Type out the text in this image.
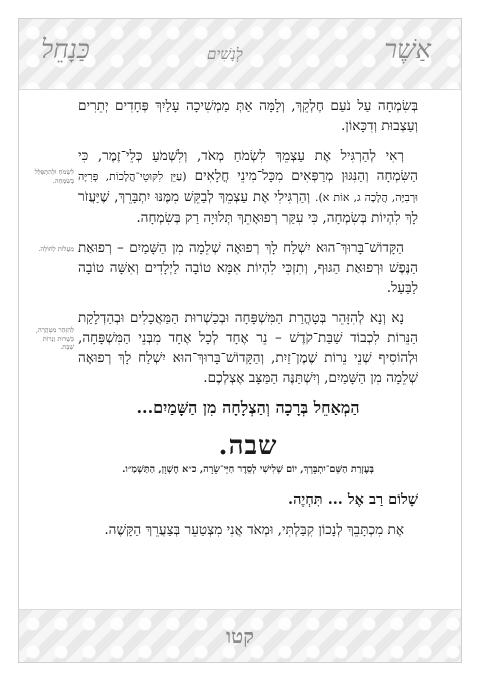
אַשֶׁר
לְנָשִׁים
כַּנָחֵל
קטו
לִשְׂמֹחַ וּלְהִתְפַּלֵּל בְּשִׂמְחָה.
מַעֲלוֹת לְחוֹלָה.
לְהִזָּהֵר מִטָּהֳרָה, כַּשְׁרוּת וְנֵרוֹת שַׁבָּת.

בְּשִׂמְחָה עַל נֹעַם חֶלְקֵךְ, וְלָמָּה אַתְּ מַמְשִׁיכָה עָלַיִךְ פְּחָדִים יְתֵרִים וְעַצְבוּת וְדִכָּאוֹן.

רְאִי לְהַרְגִּיל אֶת עַצְמֵךְ לִשְׂמֹחַ מְאֹד, וְלִשְׁמֹעַ כְּלֵי־זֶמֶר, כִּי הַשִּׂמְחָה וְהַנִּגּוּן מְרַפְּאִים מִכָּל־מִינֵי חֳלָאִים (עַיֵּן לִקּוּטֵי־הֲלָכוֹת, פְּרִיָּה וּרְבִיָּה, הֲלָכָה ג, אוֹת א). וְהַרְגִּילִי אֶת עַצְמֵךְ לְבַקֵּשׁ מִמֶּנּוּ יִתְבָּרֵךְ, שֶׁיַּעֲזֹר לָךְ לִהְיוֹת בְּשִׂמְחָה, כִּי עִקַּר רְפוּאָתֵךְ תְּלוּיָה רַק בְּשִׂמְחָה.

הַקָּדוֹשׁ־בָּרוּךְ־הוּא יִשְׁלַח לָךְ רְפוּאָה שְׁלֵמָה מִן הַשָּׁמַיִם – רְפוּאַת הַנֶּפֶשׁ וּרְפוּאַת הַגּוּף, וְתִזְכִּי לִהְיוֹת אִמָּא טוֹבָה לַיְלָדִים וְאִשָּׁה טוֹבָה לַבַּעַל.

נָא וְנָא לְהִזָּהֵר בְּטָהֳרַת הַמִּשְׁפָּחָה וּבְכַשְׁרוּת הַמַּאֲכָלִים וּבְהַדְלָקַת הַנֵּרוֹת לִכְבוֹד שַׁבַּת־קֹדֶשׁ – נֵר אֶחָד לְכָל אֶחָד מִבְּנֵי הַמִּשְׁפָּחָה, וּלְהוֹסִיף שְׁנֵי נֵרוֹת שֶׁמֶן־זַיִת, וְהַקָּדוֹשׁ־בָּרוּךְ־הוּא יִשְׁלַח לָךְ רְפוּאָה שְׁלֵמָה מִן הַשָּׁמַיִם, וְיִשְׁתַּנֶּה הַמַּצָּב אֶצְלְכֶם.

הַמְאַחֵל בְּרָכָה וְהַצְלָחָה מִן הַשָּׁמַיִם...

שבה.
בְּעֶזְרַת הַשֵּׁם־יִתְבָּרֵךְ, יוֹם שְׁלִישִׁי לְסֵדֶר חַיֵּי־שָׂרָה, כ״א חֶשְׁוָן, הַתַּשְׁמַ״ו.
שָׁלוֹם רַב אֶל ... תִּחְיֶה.

אֶת מִכְתָּבֵךְ לְנָכוֹן קִבַּלְתִּי, וּמְאֹד אֲנִי מִצְטַעֵר בְּצַעֲרֵךְ הַקָּשֶׁה.
